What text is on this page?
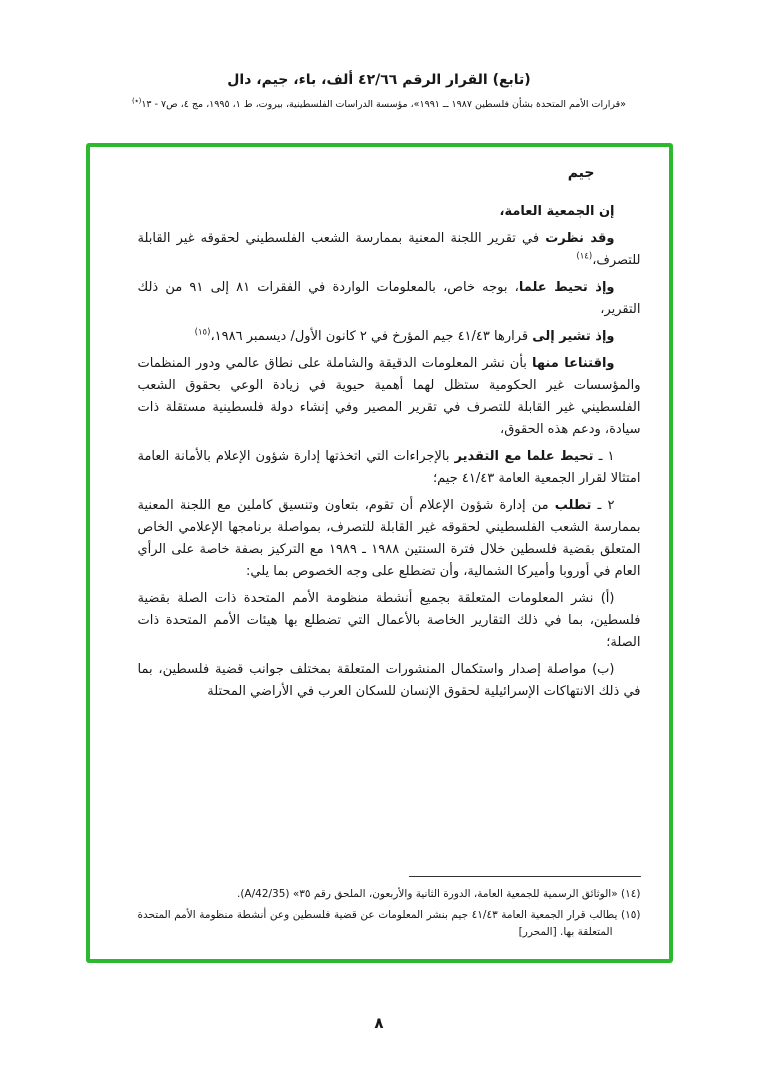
(تابع) القرار الرقم ٤٢/٦٦ ألف، باء، جيم، دال
«قرارات الأمم المتحدة بشأن فلسطين ١٩٨٧ ــ ١٩٩١»، مؤسسة الدراسات الفلسطينية، بيروت، ط ١، ١٩٩٥، مج ٤، ص٧ - ١٣(٭)
جيم

إن الجمعية العامة،

وقد نظرت في تقرير اللجنة المعنية بممارسة الشعب الفلسطيني لحقوقه غير القابلة للتصرف،$^{(١٤)}$

وإذ تحيط علما، بوجه خاص، بالمعلومات الواردة في الفقرات ٨١ إلى ٩١ من ذلك التقرير،

وإذ تشير إلى قرارها ٤١/٤٣ جيم المؤرخ في ٢ كانون الأول/ ديسمبر ١٩٨٦،$^{(١٥)}$

واقتناعا منها بأن نشر المعلومات الدقيقة والشاملة على نطاق عالمي ودور المنظمات والمؤسسات غير الحكومية ستظل لهما أهمية حيوية في زيادة الوعي بحقوق الشعب الفلسطيني غير القابلة للتصرف في تقرير المصير وفي إنشاء دولة فلسطينية مستقلة ذات سيادة، ودعم هذه الحقوق،

١ ـ تحيط علما مع التقدير بالإجراءات التي اتخذتها إدارة شؤون الإعلام بالأمانة العامة امتثالا لقرار الجمعية العامة ٤١/٤٣ جيم؛

٢ ـ تطلب من إدارة شؤون الإعلام أن تقوم، بتعاون وتنسيق كاملين مع اللجنة المعنية بممارسة الشعب الفلسطيني لحقوقه غير القابلة للتصرف، بمواصلة برنامجها الإعلامي الخاص المتعلق بقضية فلسطين خلال فترة السنتين ١٩٨٨ ـ ١٩٨٩ مع التركيز بصفة خاصة على الرأي العام في أوروبا وأميركا الشمالية، وأن تضطلع على وجه الخصوص بما يلي:

(أ) نشر المعلومات المتعلقة بجميع أنشطة منظومة الأمم المتحدة ذات الصلة بقضية فلسطين، بما في ذلك التقارير الخاصة بالأعمال التي تضطلع بها هيئات الأمم المتحدة ذات الصلة؛

(ب) مواصلة إصدار واستكمال المنشورات المتعلقة بمختلف جوانب قضية فلسطين، بما في ذلك الانتهاكات الإسرائيلية لحقوق الإنسان للسكان العرب في الأراضي المحتلة

(١٤) «الوثائق الرسمية للجمعية العامة، الدورة الثانية والأربعون، الملحق رقم ٣٥» (A/42/35).

(١٥) يطالب قرار الجمعية العامة ٤١/٤٣ جيم بنشر المعلومات عن قضية فلسطين وعن أنشطة منظومة الأمم المتحدة المتعلقة بها. [المحرر]

٨
